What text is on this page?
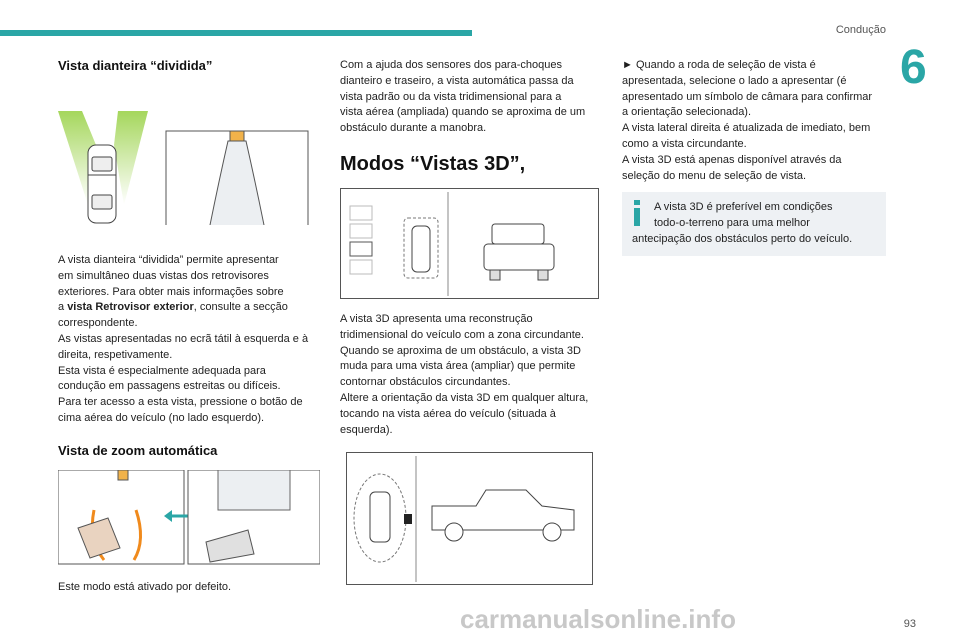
Condução
6
Vista dianteira “dividida”

A vista dianteira “dividida” permite apresentar
em simultâneo duas vistas dos retrovisores
exteriores. Para obter mais informações sobre
a vista Retrovisor exterior, consulte a secção
correspondente.
As vistas apresentadas no ecrã tátil à esquerda e à
direita, respetivamente.
Esta vista é especialmente adequada para
condução em passagens estreitas ou difíceis.
Para ter acesso a esta vista, pressione o botão de
cima aérea do veículo (no lado esquerdo).

Vista de zoom automática

Este modo está ativado por defeito.

Com a ajuda dos sensores dos para-choques
dianteiro e traseiro, a vista automática passa da
vista padrão ou da vista tridimensional para a
vista aérea (ampliada) quando se aproxima de um
obstáculo durante a manobra.

Modos “Vistas 3D”,

A vista 3D apresenta uma reconstrução
tridimensional do veículo com a zona circundante.
Quando se aproxima de um obstáculo, a vista 3D
muda para uma vista área (ampliar) que permite
contornar obstáculos circundantes.
Altere a orientação da vista 3D em qualquer altura,
tocando na vista aérea do veículo (situada à
esquerda).

► Quando a roda de seleção de vista é
apresentada, selecione o lado a apresentar (é
apresentado um símbolo de câmara para confirmar
a orientação selecionada).
A vista lateral direita é atualizada de imediato, bem
como a vista circundante.
A vista 3D está apenas disponível através da
seleção do menu de seleção de vista.

A vista 3D é preferível em condições
todo-o-terreno para uma melhor
antecipação dos obstáculos perto do veículo.

93
carmanualsonline.info
